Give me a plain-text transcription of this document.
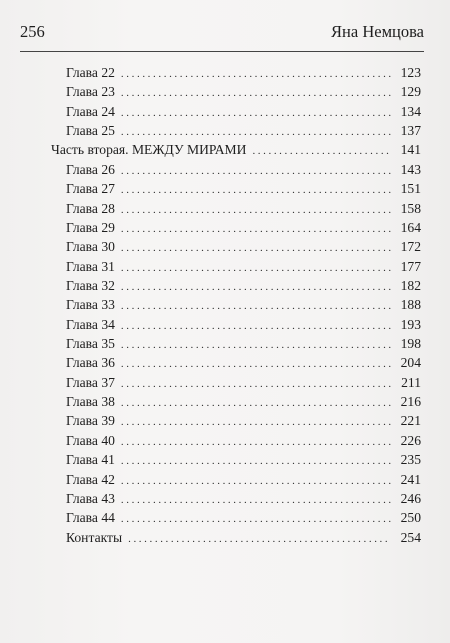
256	Яна Немцова
Глава 22 .....	123
Глава 23 .....	129
Глава 24 .....	134
Глава 25 .....	137
Часть вторая. МЕЖДУ МИРАМИ .....	141
Глава 26 .....	143
Глава 27 .....	151
Глава 28 .....	158
Глава 29 .....	164
Глава 30 .....	172
Глава 31 .....	177
Глава 32 .....	182
Глава 33 .....	188
Глава 34 .....	193
Глава 35 .....	198
Глава 36 .....	204
Глава 37 .....	211
Глава 38 .....	216
Глава 39 .....	221
Глава 40 .....	226
Глава 41 .....	235
Глава 42 .....	241
Глава 43 .....	246
Глава 44 .....	250
Контакты .....	254
